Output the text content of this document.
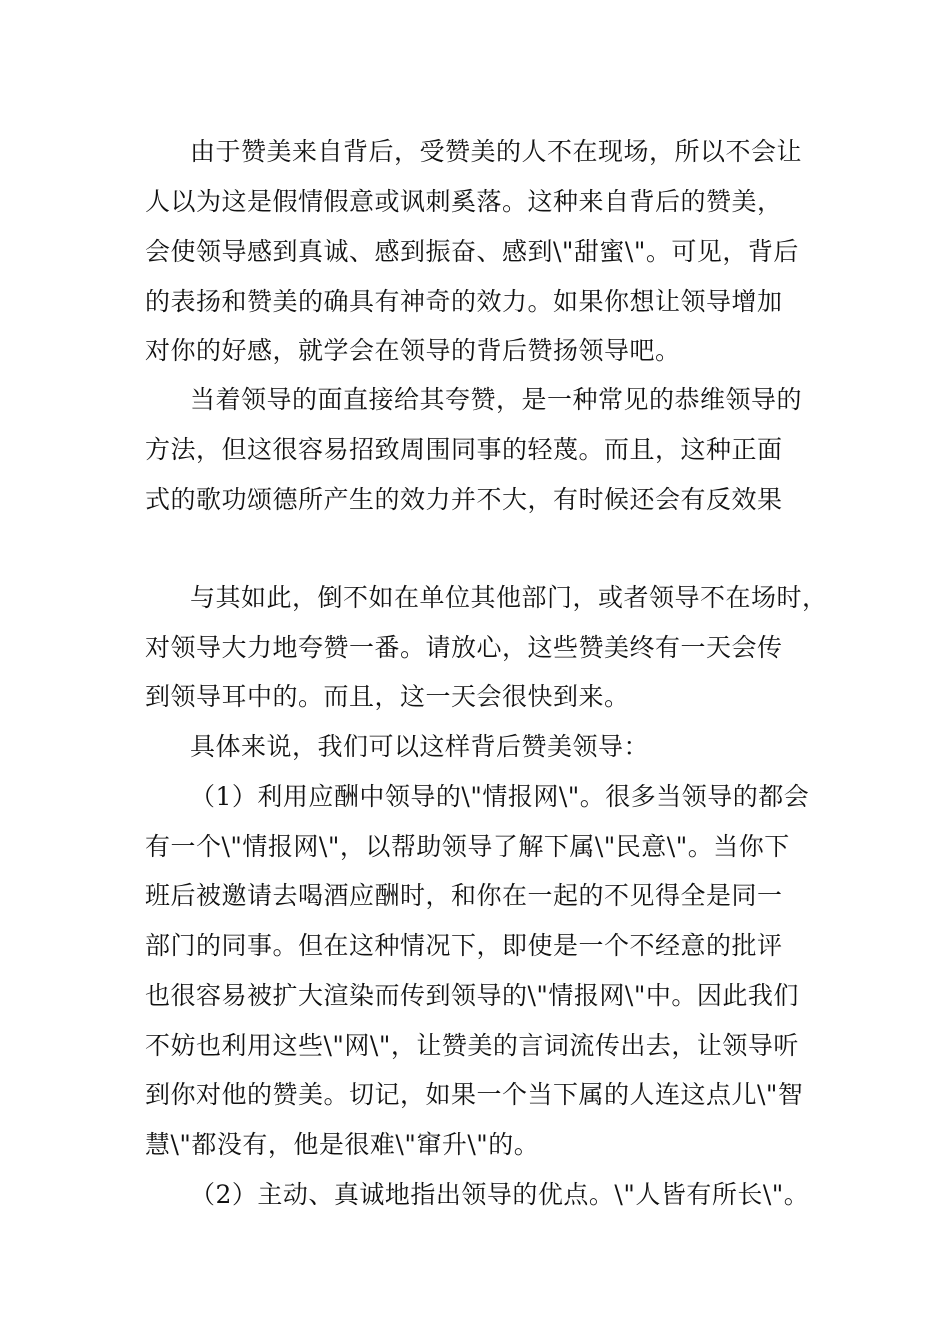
由于赞美来自背后，受赞美的人不在现场，所以不会让
人以为这是假情假意或讽刺奚落。这种来自背后的赞美，
会使领导感到真诚、感到振奋、感到\"甜蜜\"。可见，背后
的表扬和赞美的确具有神奇的效力。如果你想让领导增加
对你的好感，就学会在领导的背后赞扬领导吧。
当着领导的面直接给其夸赞，是一种常见的恭维领导的
方法，但这很容易招致周围同事的轻蔑。而且，这种正面
式的歌功颂德所产生的效力并不大，有时候还会有反效果
与其如此，倒不如在单位其他部门，或者领导不在场时，
对领导大力地夸赞一番。请放心，这些赞美终有一天会传
到领导耳中的。而且，这一天会很快到来。
具体来说，我们可以这样背后赞美领导：
（1）利用应酬中领导的\"情报网\"。很多当领导的都会
有一个\"情报网\"，以帮助领导了解下属\"民意\"。当你下
班后被邀请去喝酒应酬时，和你在一起的不见得全是同一
部门的同事。但在这种情况下，即使是一个不经意的批评
也很容易被扩大渲染而传到领导的\"情报网\"中。因此我们
不妨也利用这些\"网\"，让赞美的言词流传出去，让领导听
到你对他的赞美。切记，如果一个当下属的人连这点儿\"智
慧\"都没有，他是很难\"窜升\"的。
（2）主动、真诚地指出领导的优点。\"人皆有所长\"。
